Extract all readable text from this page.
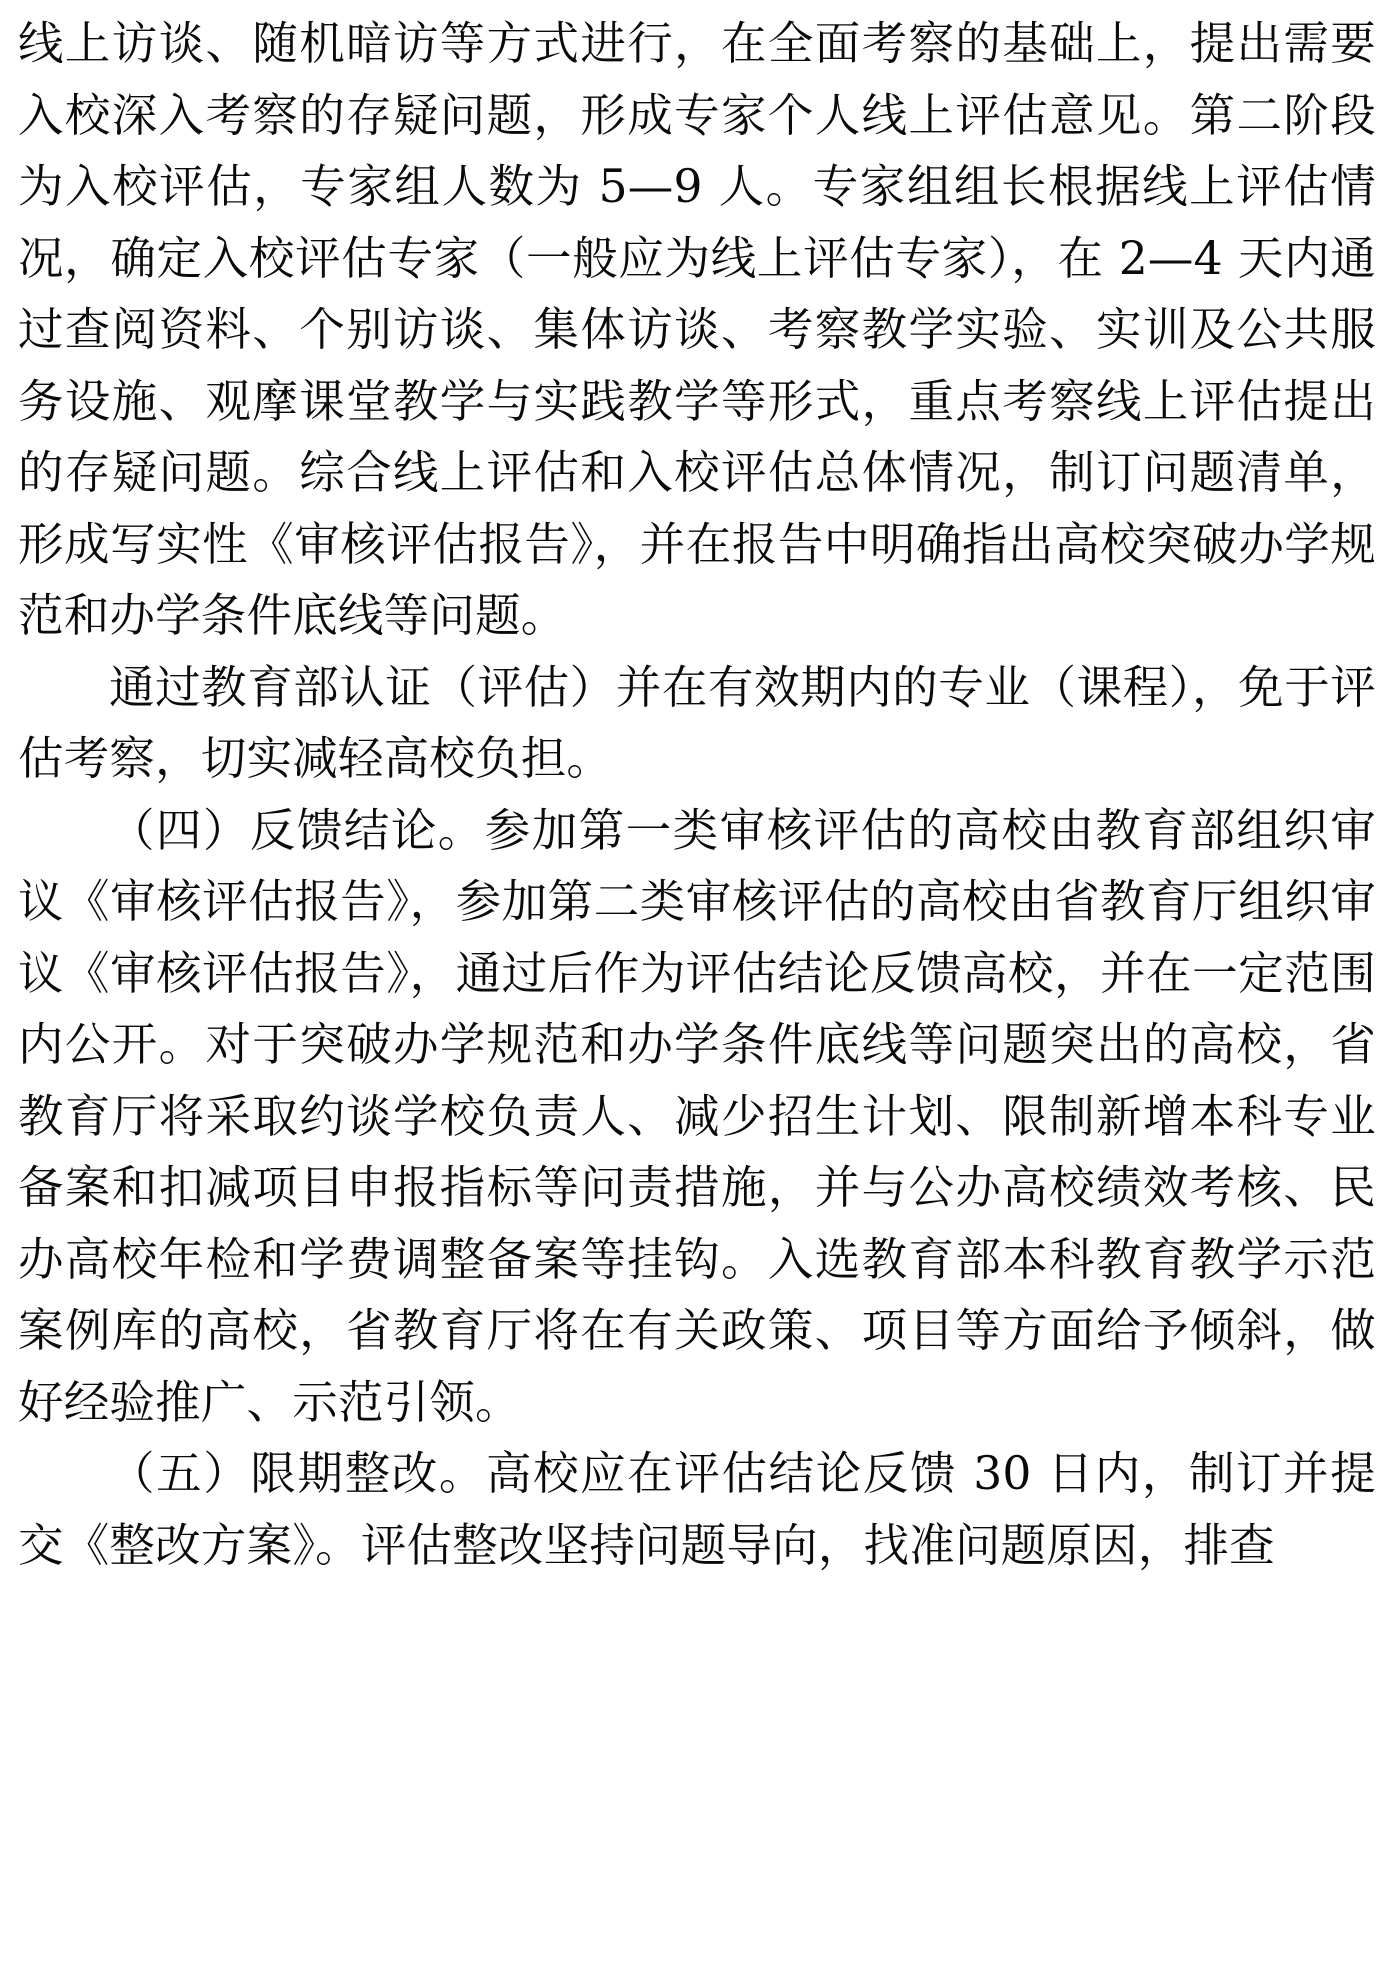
线上访谈、随机暗访等方式进行，在全面考察的基础上，提出需要入校深入考察的存疑问题，形成专家个人线上评估意见。第二阶段为入校评估，专家组人数为 5—9 人。专家组组长根据线上评估情况，确定入校评估专家（一般应为线上评估专家），在 2—4 天内通过查阅资料、个别访谈、集体访谈、考察教学实验、实训及公共服务设施、观摩课堂教学与实践教学等形式，重点考察线上评估提出的存疑问题。综合线上评估和入校评估总体情况，制订问题清单，形成写实性《审核评估报告》，并在报告中明确指出高校突破办学规范和办学条件底线等问题。

通过教育部认证（评估）并在有效期内的专业（课程），免于评估考察，切实减轻高校负担。

（四）反馈结论。参加第一类审核评估的高校由教育部组织审议《审核评估报告》，参加第二类审核评估的高校由省教育厅组织审议《审核评估报告》，通过后作为评估结论反馈高校，并在一定范围内公开。对于突破办学规范和办学条件底线等问题突出的高校，省教育厅将采取约谈学校负责人、减少招生计划、限制新增本科专业备案和扣减项目申报指标等问责措施，并与公办高校绩效考核、民办高校年检和学费调整备案等挂钩。入选教育部本科教育教学示范案例库的高校，省教育厅将在有关政策、项目等方面给予倾斜，做好经验推广、示范引领。

（五）限期整改。高校应在评估结论反馈 30 日内，制订并提交《整改方案》。评估整改坚持问题导向，找准问题原因，排查
